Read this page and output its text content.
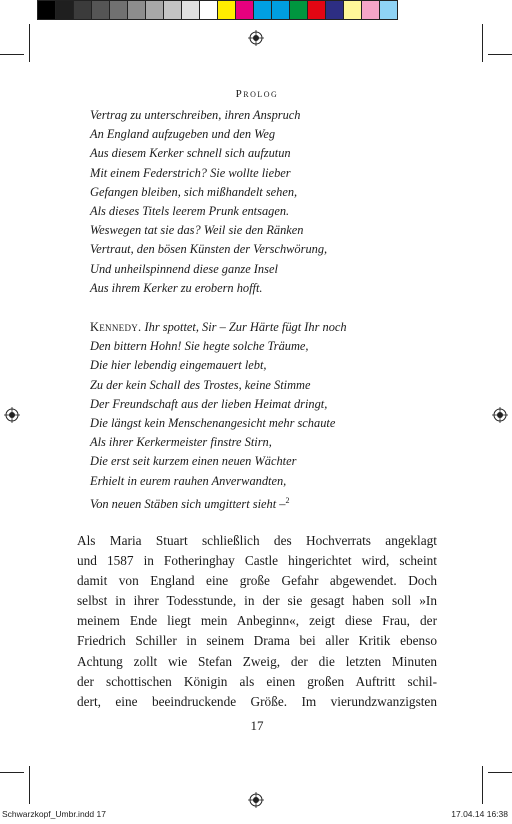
Prolog
Vertrag zu unterschreiben, ihren Anspruch
An England aufzugeben und den Weg
Aus diesem Kerker schnell sich aufzutun
Mit einem Federstrich? Sie wollte lieber
Gefangen bleiben, sich mißhandelt sehen,
Als dieses Titels leerem Prunk entsagen.
Weswegen tat sie das? Weil sie den Ränken
Vertraut, den bösen Künsten der Verschwörung,
Und unheilspinnend diese ganze Insel
Aus ihrem Kerker zu erobern hofft.
Kennedy. Ihr spottet, Sir – Zur Härte fügt Ihr noch
Den bittern Hohn! Sie hegte solche Träume,
Die hier lebendig eingemauert lebt,
Zu der kein Schall des Trostes, keine Stimme
Der Freundschaft aus der lieben Heimat dringt,
Die längst kein Menschenangesicht mehr schaute
Als ihrer Kerkermeister finstre Stirn,
Die erst seit kurzem einen neuen Wächter
Erhielt in eurem rauhen Anverwandten,
Von neuen Stäben sich umgittert sieht –$^2$
Als Maria Stuart schließlich des Hochverrats angeklagt
und 1587 in Fotheringhay Castle hingerichtet wird, scheint
damit von England eine große Gefahr abgewendet. Doch
selbst in ihrer Todesstunde, in der sie gesagt haben soll »In
meinem Ende liegt mein Anbeginn«, zeigt diese Frau, der
Friedrich Schiller in seinem Drama bei aller Kritik ebenso
Achtung zollt wie Stefan Zweig, der die letzten Minuten
der schottischen Königin als einen großen Auftritt schil-
dert, eine beeindruckende Größe. Im vierundzwanzigsten
17
Schwarzkopf_Umbr.indd 17	17.04.14 16:38
